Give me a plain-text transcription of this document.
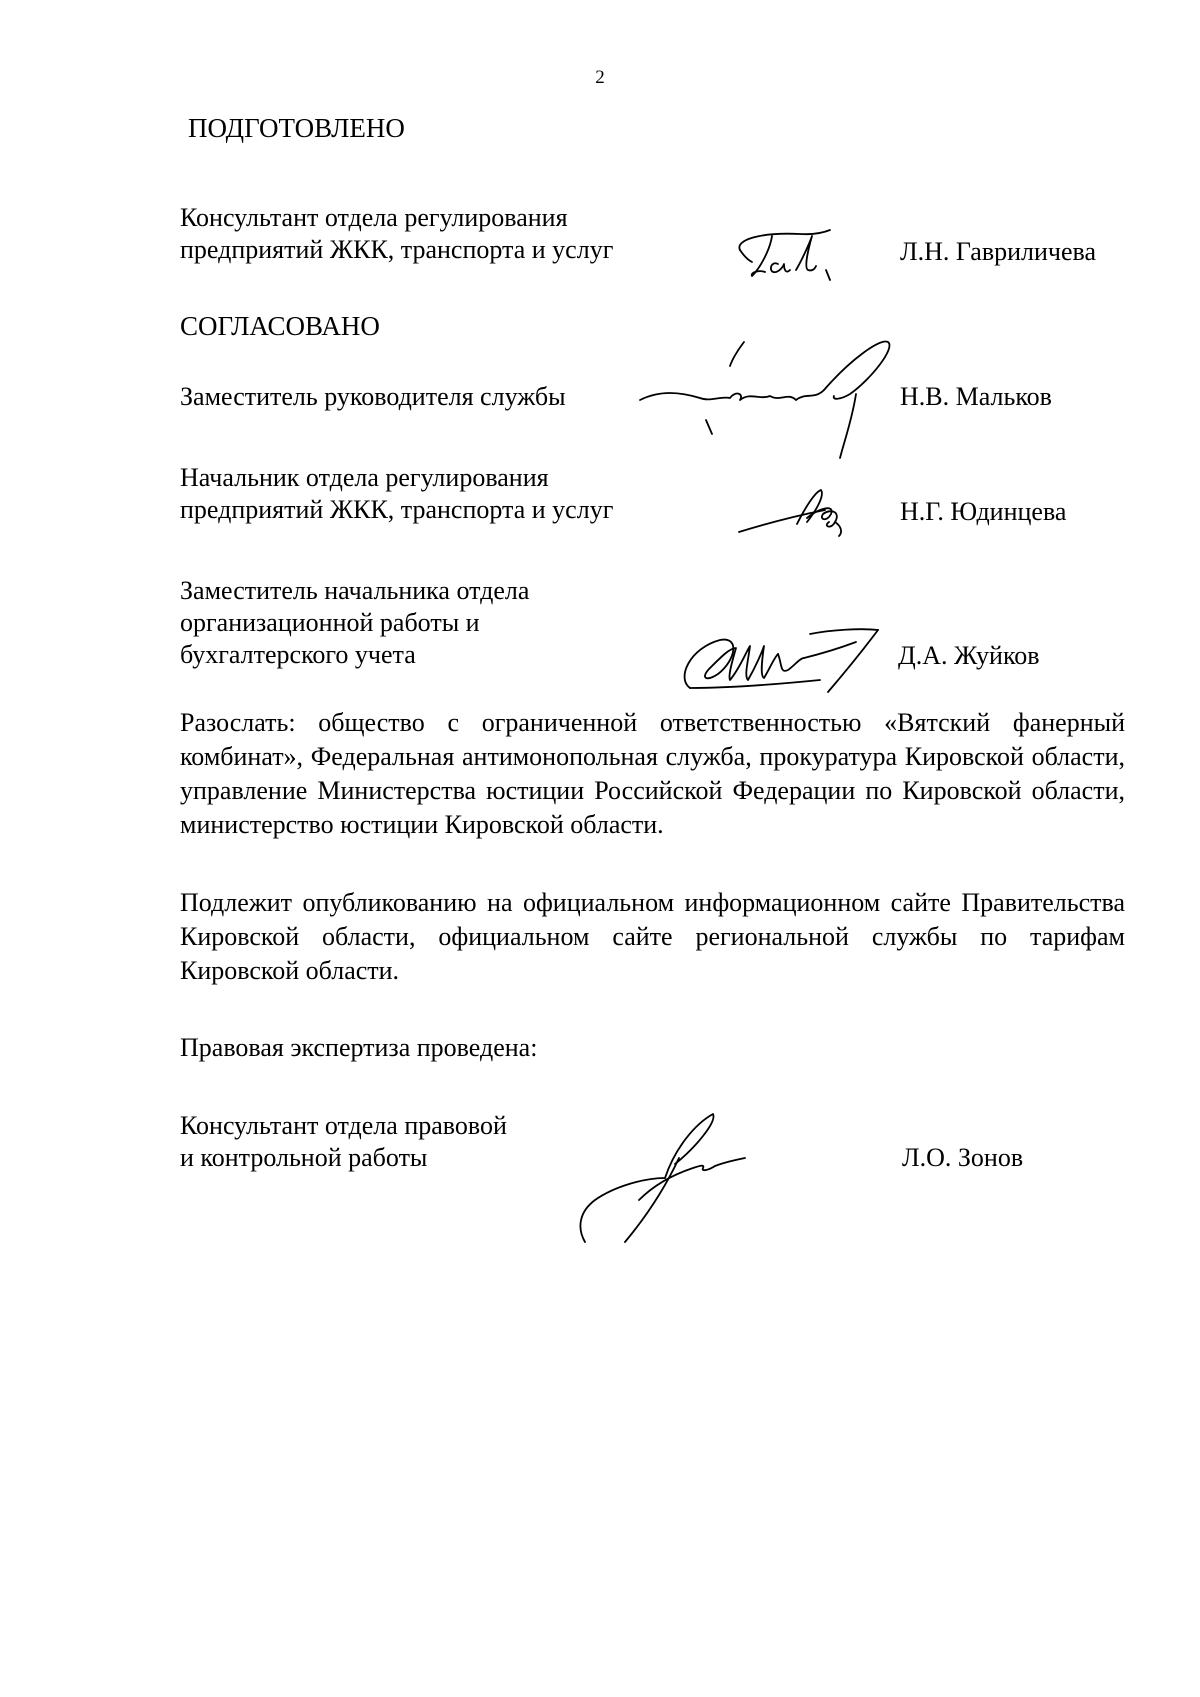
2
ПОДГОТОВЛЕНО
Консультант отдела регулирования
предприятий ЖКК, транспорта и услуг	Л.Н. Гавриличева
СОГЛАСОВАНО
Заместитель руководителя службы	Н.В. Мальков
Начальник отдела регулирования
предприятий ЖКК, транспорта и услуг	Н.Г. Юдинцева
Заместитель начальника отдела
организационной работы и
бухгалтерского учета	Д.А. Жуйков
Разослать: общество с ограниченной ответственностью «Вятский фанерный комбинат», Федеральная антимонопольная служба, прокуратура Кировской области, управление Министерства юстиции Российской Федерации по Кировской области, министерство юстиции Кировской области.
Подлежит опубликованию на официальном информационном сайте Правительства Кировской области, официальном сайте региональной службы по тарифам Кировской области.
Правовая экспертиза проведена:
Консультант отдела правовой
и контрольной работы	Л.О. Зонов
